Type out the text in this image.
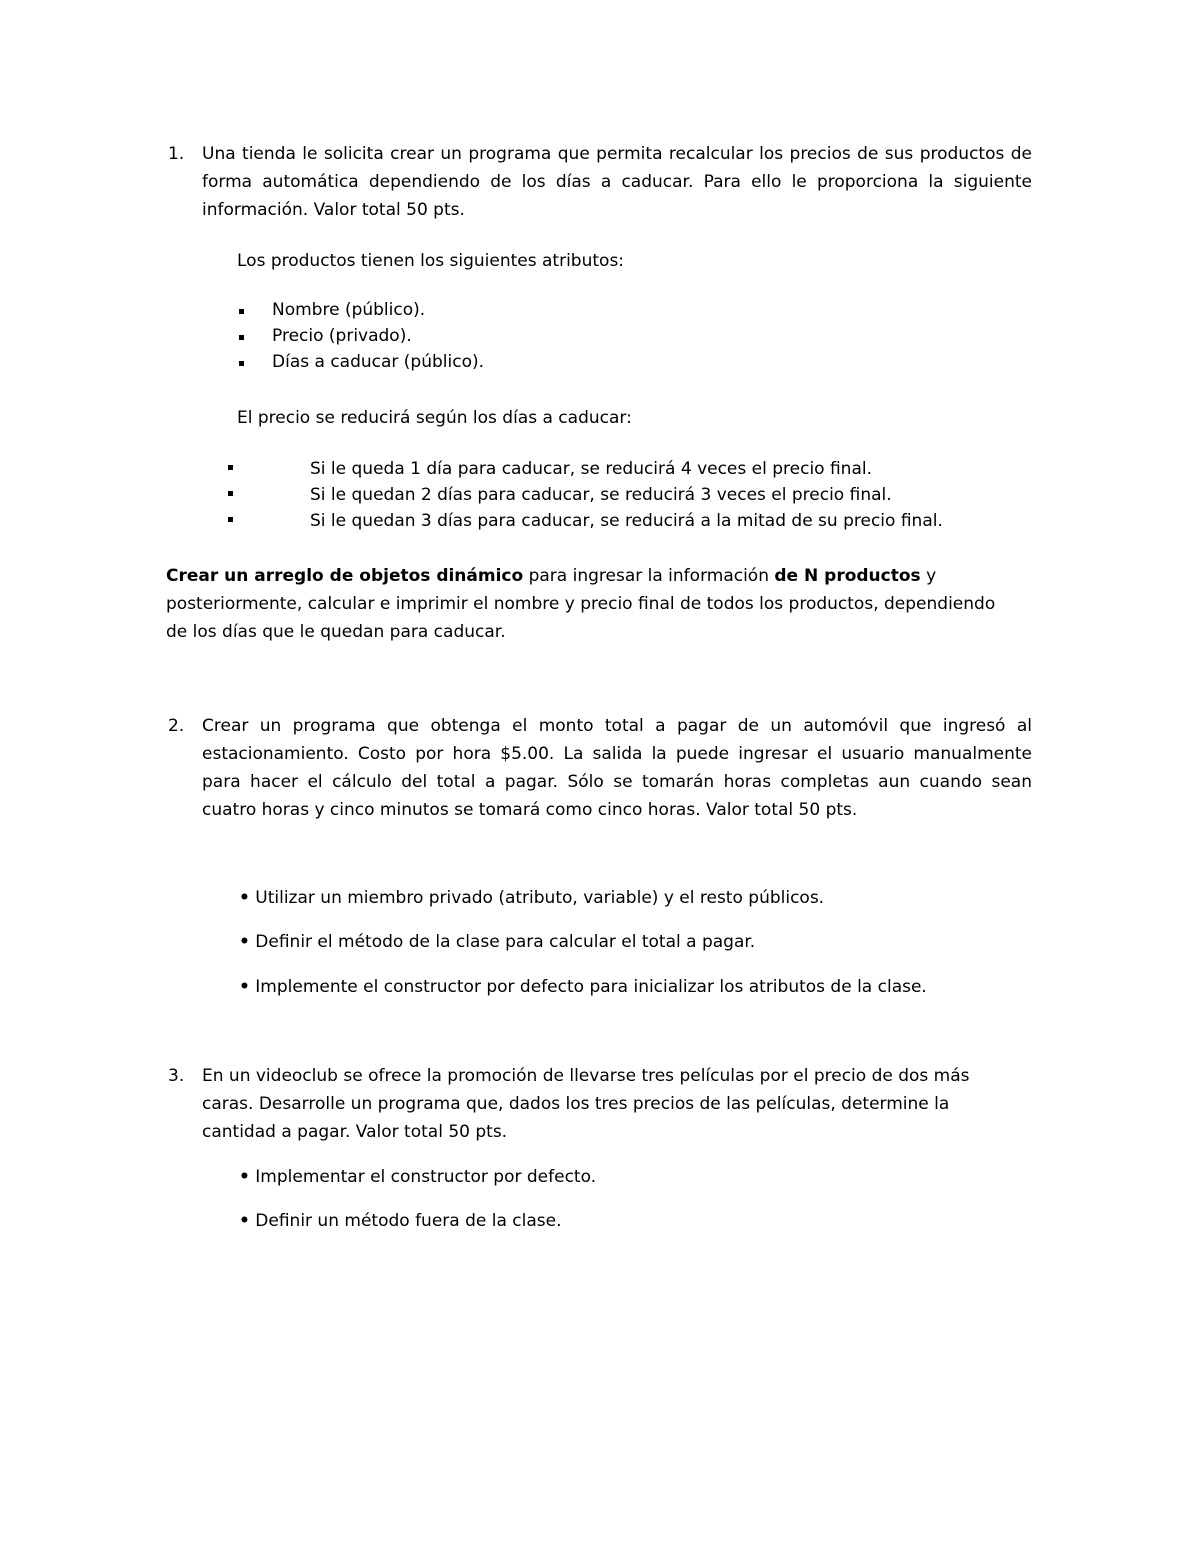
1.	Una tienda le solicita crear un programa que permita recalcular los precios de sus productos de
forma automática dependiendo de los días a caducar. Para ello le proporciona la siguiente
información. Valor total 50 pts.
Los productos tienen los siguientes atributos:
Nombre (público).
Precio (privado).
Días a caducar (público).
El precio se reducirá según los días a caducar:
Si le queda 1 día para caducar, se reducirá 4 veces el precio final.
Si le quedan 2 días para caducar, se reducirá 3 veces el precio final.
Si le quedan 3 días para caducar, se reducirá a la mitad de su precio final.
Crear un arreglo de objetos dinámico para ingresar la información de N productos y
posteriormente, calcular e imprimir el nombre y precio final de todos los productos, dependiendo
de los días que le quedan para caducar.
2.	Crear un programa que obtenga el monto total a pagar de un automóvil que ingresó al
estacionamiento. Costo por hora $5.00. La salida la puede ingresar el usuario manualmente
para hacer el cálculo del total a pagar. Sólo se tomarán horas completas aun cuando sean
cuatro horas y cinco minutos se tomará como cinco horas. Valor total 50 pts.
• Utilizar un miembro privado (atributo, variable) y el resto públicos.
• Definir el método de la clase para calcular el total a pagar.
• Implemente el constructor por defecto para inicializar los atributos de la clase.
3.	En un videoclub se ofrece la promoción de llevarse tres películas por el precio de dos más
caras. Desarrolle un programa que, dados los tres precios de las películas, determine la
cantidad a pagar. Valor total 50 pts.
• Implementar el constructor por defecto.
• Definir un método fuera de la clase.
